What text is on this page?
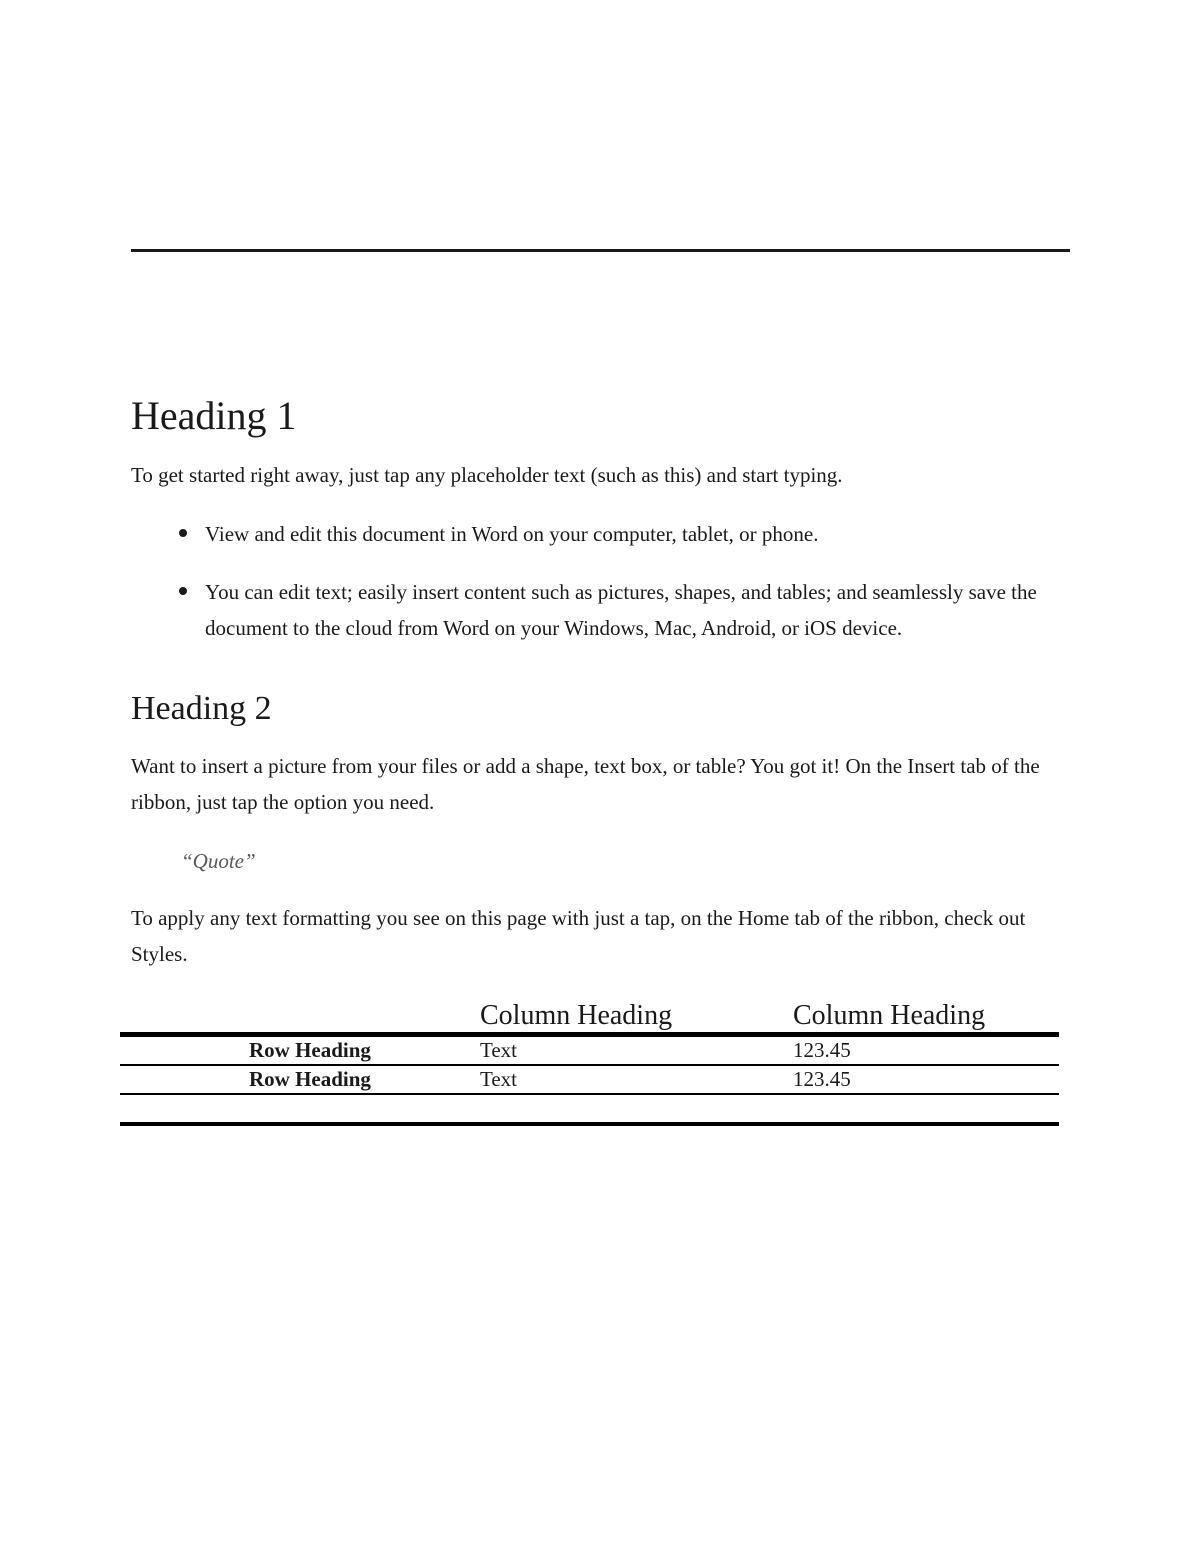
Heading 1

To get started right away, just tap any placeholder text (such as this) and start typing.

View and edit this document in Word on your computer, tablet, or phone.
You can edit text; easily insert content such as pictures, shapes, and tables; and seamlessly save the document to the cloud from Word on your Windows, Mac, Android, or iOS device.
Heading 2

Want to insert a picture from your files or add a shape, text box, or table? You got it! On the Insert tab of the ribbon, just tap the option you need.

“Quote”

To apply any text formatting you see on this page with just a tap, on the Home tab of the ribbon, check out Styles.

	Column Heading	Column Heading
Row Heading	Text	123.45
Row Heading	Text	123.45
